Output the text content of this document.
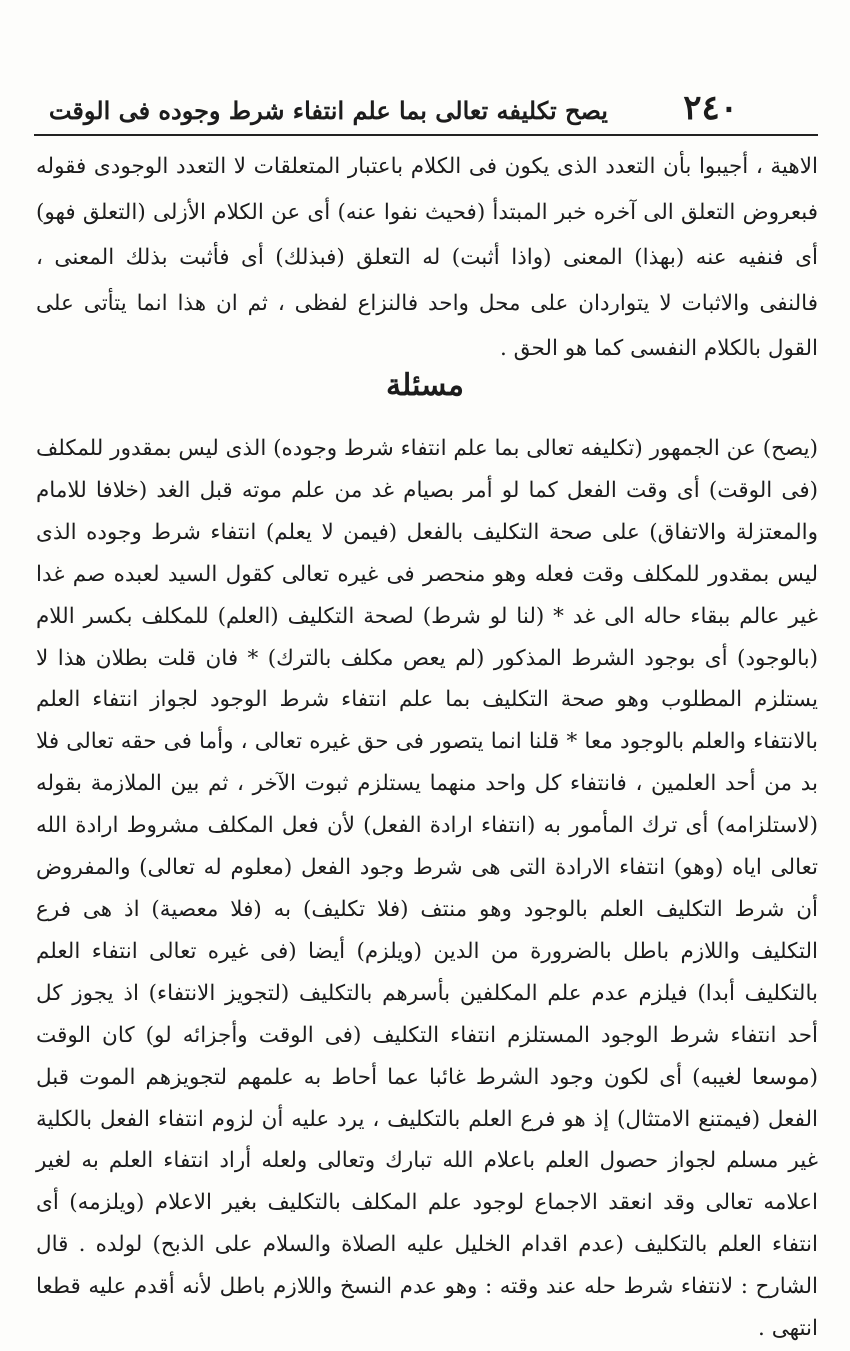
٢٤٠
يصح تكليفه تعالى بما علم انتفاء شرط وجوده فى الوقت

الاهية ، أجيبوا بأن التعدد الذى يكون فى الكلام باعتبار المتعلقات لا التعدد الوجودى فقوله فبعروض التعلق الى آخره خبر المبتدأ (فحيث نفوا عنه) أى عن الكلام الأزلى (التعلق فهو) أى فنفيه عنه (بهذا) المعنى (واذا أثبت) له التعلق (فبذلك) أى فأثبت بذلك المعنى ، فالنفى والاثبات لا يتواردان على محل واحد فالنزاع لفظى ، ثم ان هذا انما يتأتى على القول بالكلام النفسى كما هو الحق .

مسئلة

(يصح) عن الجمهور (تكليفه تعالى بما علم انتفاء شرط وجوده) الذى ليس بمقدور للمكلف (فى الوقت) أى وقت الفعل كما لو أمر بصيام غد من علم موته قبل الغد (خلافا للامام والمعتزلة والاتفاق) على صحة التكليف بالفعل (فيمن لا يعلم) انتفاء شرط وجوده الذى ليس بمقدور للمكلف وقت فعله وهو منحصر فى غيره تعالى كقول السيد لعبده صم غدا غير عالم ببقاء حاله الى غد * (لنا لو شرط) لصحة التكليف (العلم) للمكلف بكسر اللام (بالوجود) أى بوجود الشرط المذكور (لم يعص مكلف بالترك) * فان قلت بطلان هذا لا يستلزم المطلوب وهو صحة التكليف بما علم انتفاء شرط الوجود لجواز انتفاء العلم بالانتفاء والعلم بالوجود معا * قلنا انما يتصور فى حق غيره تعالى ، وأما فى حقه تعالى فلا بد من أحد العلمين ، فانتفاء كل واحد منهما يستلزم ثبوت الآخر ، ثم بين الملازمة بقوله (لاستلزامه) أى ترك المأمور به (انتفاء ارادة الفعل) لأن فعل المكلف مشروط ارادة الله تعالى اياه (وهو) انتفاء الارادة التى هى شرط وجود الفعل (معلوم له تعالى) والمفروض أن شرط التكليف العلم بالوجود وهو منتف (فلا تكليف) به (فلا معصية) اذ هى فرع التكليف واللازم باطل بالضرورة من الدين (ويلزم) أيضا (فى غيره تعالى انتفاء العلم بالتكليف أبدا) فيلزم عدم علم المكلفين بأسرهم بالتكليف (لتجويز الانتفاء) اذ يجوز كل أحد انتفاء شرط الوجود المستلزم انتفاء التكليف (فى الوقت وأجزائه لو) كان الوقت (موسعا لغيبه) أى لكون وجود الشرط غائبا عما أحاط به علمهم لتجويزهم الموت قبل الفعل (فيمتنع الامتثال) إذ هو فرع العلم بالتكليف ، يرد عليه أن لزوم انتفاء الفعل بالكلية غير مسلم لجواز حصول العلم باعلام الله تبارك وتعالى ولعله أراد انتفاء العلم به لغير اعلامه تعالى وقد انعقد الاجماع لوجود علم المكلف بالتكليف بغير الاعلام (ويلزمه) أى انتفاء العلم بالتكليف (عدم اقدام الخليل عليه الصلاة والسلام على الذبح) لولده . قال الشارح : لانتفاء شرط حله عند وقته : وهو عدم النسخ واللازم باطل لأنه أقدم عليه قطعا انتهى .
